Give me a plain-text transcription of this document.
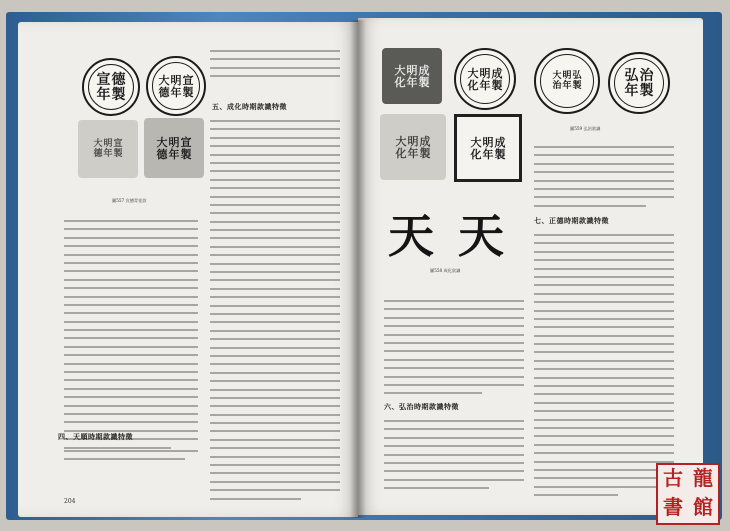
宣 德
年 製
大 明 宣
德 年 製
大 明 宣
德 年 製
大 明 宣
德 年 製
圖557 宣德青花款
四、天順時期款識特徵
204
五、成化時期款識特徵
大 明 成
化 年 製
大 明 成
化 年 製
大 明 弘
治 年 製
弘 治
年 製
圖559 弘治款識
大 明 成
化 年 製
大 明 成
化 年 製
天 天
圖558 成化款識
七、正德時期款識特徵
六、弘治時期款識特徵
古 龍
書 館
